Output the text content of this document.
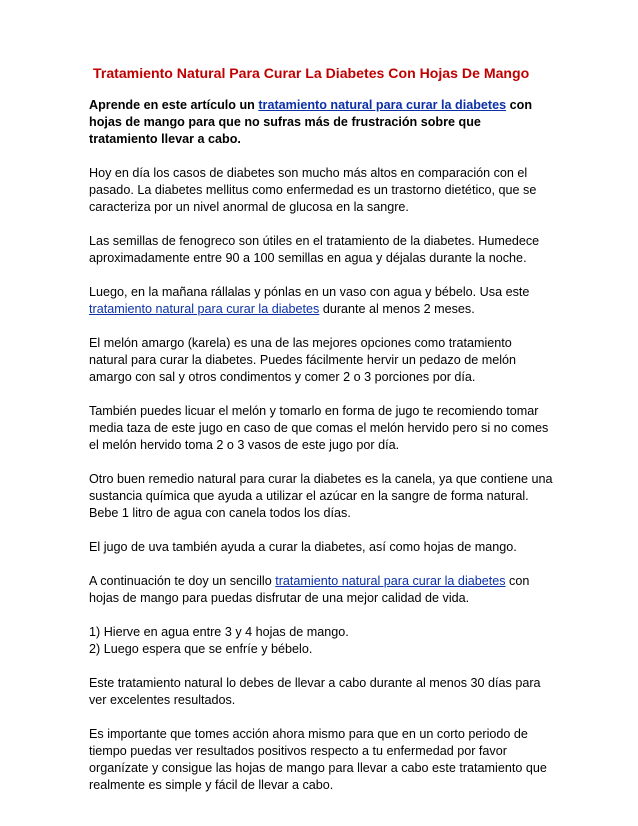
Tratamiento Natural Para Curar La Diabetes Con Hojas De Mango

Aprende en este artículo un tratamiento natural para curar la diabetes con
hojas de mango para que no sufras más de frustración sobre que
tratamiento llevar a cabo.

Hoy en día los casos de diabetes son mucho más altos en comparación con el
pasado. La diabetes mellitus como enfermedad es un trastorno dietético, que se
caracteriza por un nivel anormal de glucosa en la sangre.

Las semillas de fenogreco son útiles en el tratamiento de la diabetes. Humedece
aproximadamente entre 90 a 100 semillas en agua y déjalas durante la noche.

Luego, en la mañana rállalas y pónlas en un vaso con agua y bébelo. Usa este
tratamiento natural para curar la diabetes durante al menos 2 meses.

El melón amargo (karela) es una de las mejores opciones como tratamiento
natural para curar la diabetes. Puedes fácilmente hervir un pedazo de melón
amargo con sal y otros condimentos y comer 2 o 3 porciones por día.

También puedes licuar el melón y tomarlo en forma de jugo te recomiendo tomar
media taza de este jugo en caso de que comas el melón hervido pero si no comes
el melón hervido toma 2 o 3 vasos de este jugo por día.

Otro buen remedio natural para curar la diabetes es la canela, ya que contiene una
sustancia química que ayuda a utilizar el azúcar en la sangre de forma natural.
Bebe 1 litro de agua con canela todos los días.

El jugo de uva también ayuda a curar la diabetes, así como hojas de mango.

A continuación te doy un sencillo tratamiento natural para curar la diabetes con
hojas de mango para puedas disfrutar de una mejor calidad de vida.

1) Hierve en agua entre 3 y 4 hojas de mango.
2) Luego espera que se enfríe y bébelo.

Este tratamiento natural lo debes de llevar a cabo durante al menos 30 días para
ver excelentes resultados.

Es importante que tomes acción ahora mismo para que en un corto periodo de
tiempo puedas ver resultados positivos respecto a tu enfermedad por favor
organízate y consigue las hojas de mango para llevar a cabo este tratamiento que
realmente es simple y fácil de llevar a cabo.
